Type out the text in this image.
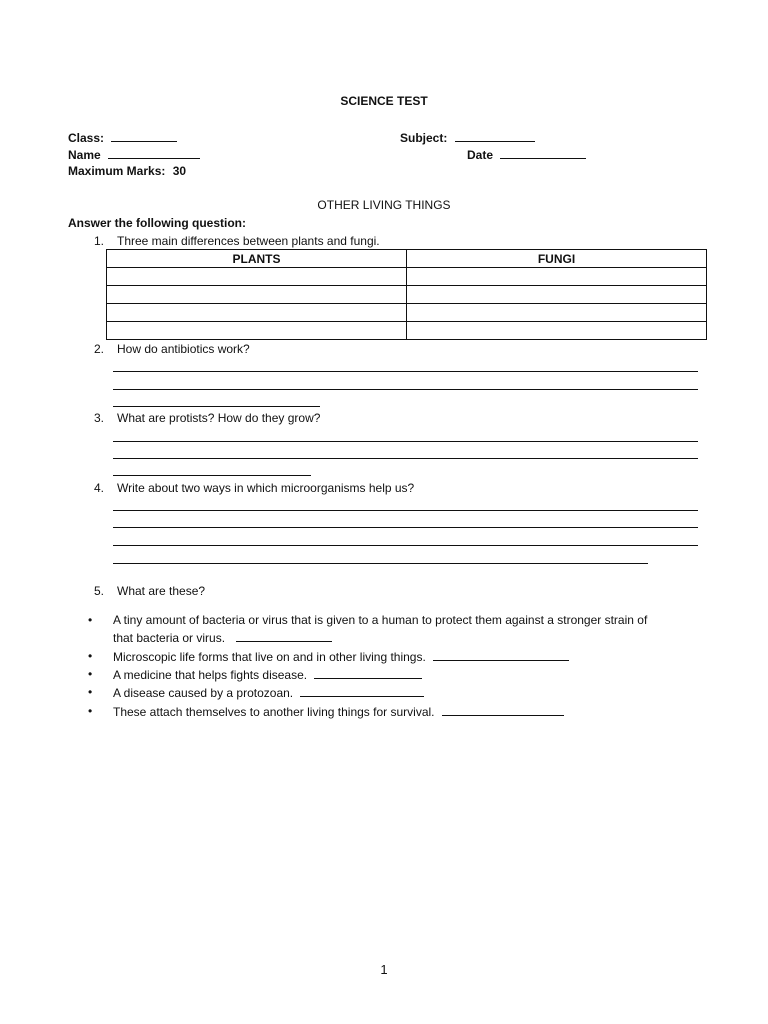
SCIENCE TEST
Class:	Subject:
Name	Date
Maximum Marks: 30
OTHER LIVING THINGS
Answer the following question:
1. Three main differences between plants and fungi.
PLANTS	FUNGI

2. How do antibiotics work?
3. What are protists? How do they grow?
4. Write about two ways in which microorganisms help us?
5. What are these?
• A tiny amount of bacteria or virus that is given to a human to protect them against a stronger strain of
that bacteria or virus.
• Microscopic life forms that live on and in other living things.
• A medicine that helps fights disease.
• A disease caused by a protozoan.
• These attach themselves to another living things for survival.
1
